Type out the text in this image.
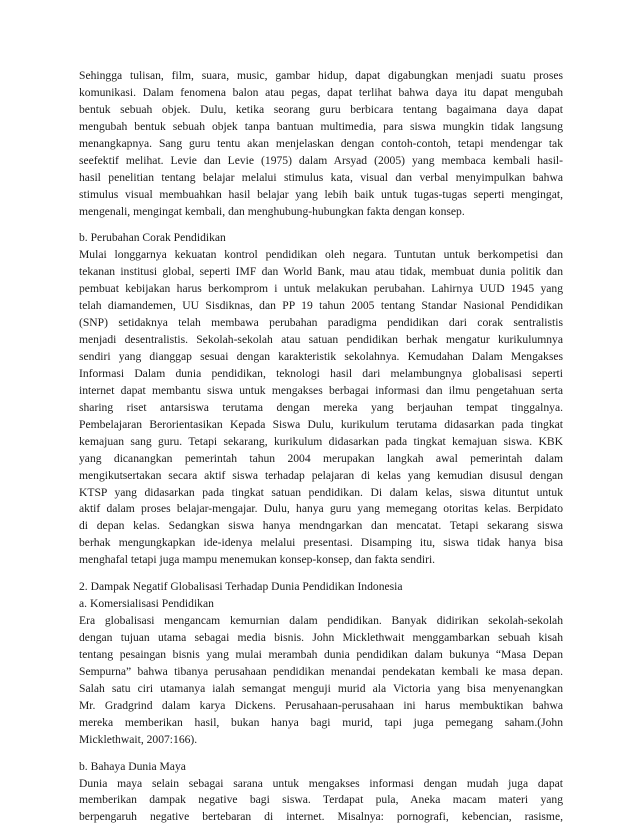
Sehingga tulisan, film, suara, music, gambar hidup, dapat digabungkan menjadi suatu proses
komunikasi. Dalam fenomena balon atau pegas, dapat terlihat bahwa daya itu dapat mengubah
bentuk sebuah objek. Dulu, ketika seorang guru berbicara tentang bagaimana daya dapat
mengubah bentuk sebuah objek tanpa bantuan multimedia, para siswa mungkin tidak langsung
menangkapnya. Sang guru tentu akan menjelaskan dengan contoh-contoh, tetapi mendengar tak
seefektif melihat. Levie dan Levie (1975) dalam Arsyad (2005) yang membaca kembali hasil-
hasil penelitian tentang belajar melalui stimulus kata, visual dan verbal menyimpulkan bahwa
stimulus visual membuahkan hasil belajar yang lebih baik untuk tugas-tugas seperti mengingat,
mengenali, mengingat kembali, dan menghubung-hubungkan fakta dengan konsep.
b. Perubahan Corak Pendidikan
Mulai longgarnya kekuatan kontrol pendidikan oleh negara. Tuntutan untuk berkompetisi dan
tekanan institusi global, seperti IMF dan World Bank, mau atau tidak, membuat dunia politik dan
pembuat kebijakan harus berkomprom i untuk melakukan perubahan. Lahirnya UUD 1945 yang
telah diamandemen, UU Sisdiknas, dan PP 19 tahun 2005 tentang Standar Nasional Pendidikan
(SNP) setidaknya telah membawa perubahan paradigma pendidikan dari corak sentralistis
menjadi desentralistis. Sekolah-sekolah atau satuan pendidikan berhak mengatur kurikulumnya
sendiri yang dianggap sesuai dengan karakteristik sekolahnya. Kemudahan Dalam Mengakses
Informasi Dalam dunia pendidikan, teknologi hasil dari melambungnya globalisasi seperti
internet dapat membantu siswa untuk mengakses berbagai informasi dan ilmu pengetahuan serta
sharing riset antarsiswa terutama dengan mereka yang berjauhan tempat tinggalnya.
Pembelajaran Berorientasikan Kepada Siswa Dulu, kurikulum terutama didasarkan pada tingkat
kemajuan sang guru. Tetapi sekarang, kurikulum didasarkan pada tingkat kemajuan siswa. KBK
yang dicanangkan pemerintah tahun 2004 merupakan langkah awal pemerintah dalam
mengikutsertakan secara aktif siswa terhadap pelajaran di kelas yang kemudian disusul dengan
KTSP yang didasarkan pada tingkat satuan pendidikan. Di dalam kelas, siswa dituntut untuk
aktif dalam proses belajar-mengajar. Dulu, hanya guru yang memegang otoritas kelas. Berpidato
di depan kelas. Sedangkan siswa hanya mendngarkan dan mencatat. Tetapi sekarang siswa
berhak mengungkapkan ide-idenya melalui presentasi. Disamping itu, siswa tidak hanya bisa
menghafal tetapi juga mampu menemukan konsep-konsep, dan fakta sendiri.
2. Dampak Negatif Globalisasi Terhadap Dunia Pendidikan Indonesia
a. Komersialisasi Pendidikan
Era globalisasi mengancam kemurnian dalam pendidikan. Banyak didirikan sekolah-sekolah
dengan tujuan utama sebagai media bisnis. John Micklethwait menggambarkan sebuah kisah
tentang pesaingan bisnis yang mulai merambah dunia pendidikan dalam bukunya “Masa Depan
Sempurna” bahwa tibanya perusahaan pendidikan menandai pendekatan kembali ke masa depan.
Salah satu ciri utamanya ialah semangat menguji murid ala Victoria yang bisa menyenangkan
Mr. Gradgrind dalam karya Dickens. Perusahaan-perusahaan ini harus membuktikan bahwa
mereka memberikan hasil, bukan hanya bagi murid, tapi juga pemegang saham.(John
Micklethwait, 2007:166).
b. Bahaya Dunia Maya
Dunia maya selain sebagai sarana untuk mengakses informasi dengan mudah juga dapat
memberikan dampak negative bagi siswa. Terdapat pula, Aneka macam materi yang
berpengaruh negative bertebaran di internet. Misalnya: pornografi, kebencian, rasisme,
